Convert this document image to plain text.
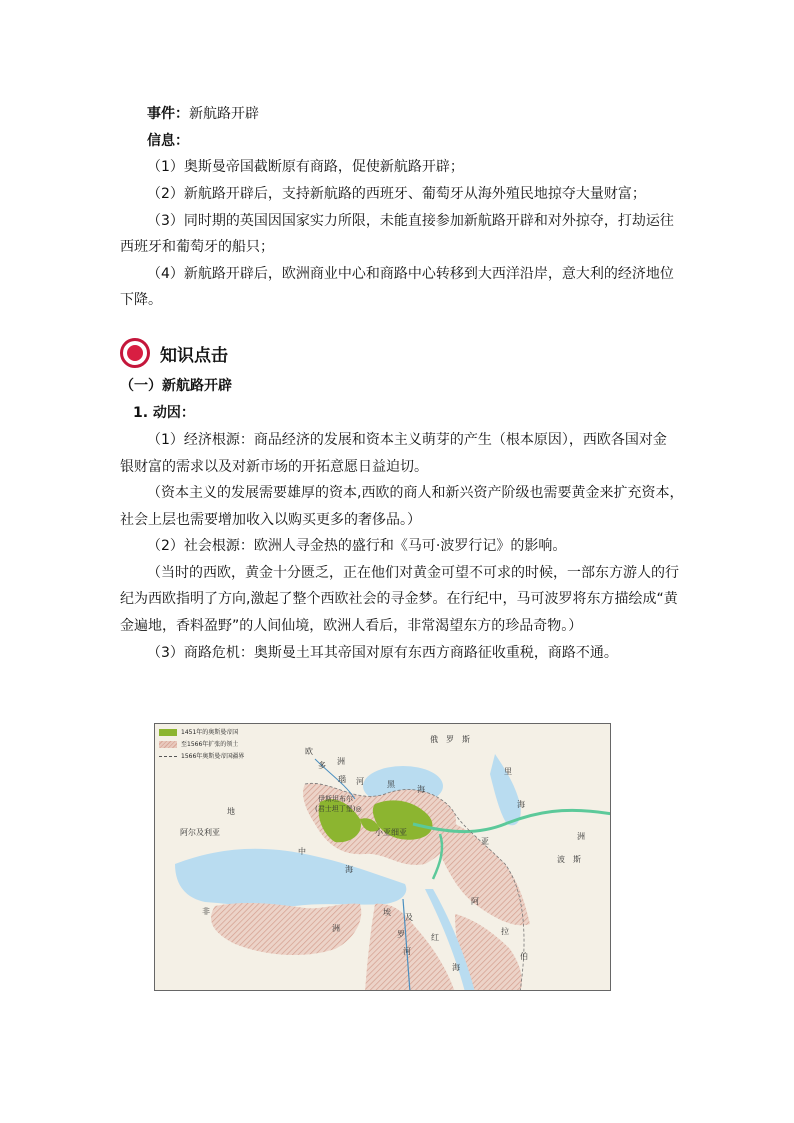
事件：新航路开辟
信息：
（1）奥斯曼帝国截断原有商路，促使新航路开辟；
（2）新航路开辟后，支持新航路的西班牙、葡萄牙从海外殖民地掠夺大量财富；
（3）同时期的英国因国家实力所限，未能直接参加新航路开辟和对外掠夺，打劫运往
西班牙和葡萄牙的船只；
（4）新航路开辟后，欧洲商业中心和商路中心转移到大西洋沿岸，意大利的经济地位
下降。
知识点击
（一）新航路开辟
1. 动因：
（1）经济根源：商品经济的发展和资本主义萌芽的产生（根本原因），西欧各国对金
银财富的需求以及对新市场的开拓意愿日益迫切。
（资本主义的发展需要雄厚的资本,西欧的商人和新兴资产阶级也需要黄金来扩充资本，
社会上层也需要增加收入以购买更多的奢侈品。）
（2）社会根源：欧洲人寻金热的盛行和《马可·波罗行记》的影响。
（当时的西欧，黄金十分匮乏，正在他们对黄金可望不可求的时候，一部东方游人的行
纪为西欧指明了方向,激起了整个西欧社会的寻金梦。在行纪中，马可波罗将东方描绘成“黄
金遍地，香料盈野”的人间仙境，欧洲人看后，非常渴望东方的珍品奇物。）
（3）商路危机：奥斯曼土耳其帝国对原有东西方商路征收重税，商路不通。
1451年的奥斯曼帝国
至1566年扩张的领土
1566年奥斯曼帝国疆界
俄　罗　斯
欧
洲
多
瑙 河	黑
海
里
海
伊斯坦布尔
(君士坦丁堡)◎
小亚细亚
亚
洲
波　斯
地
中
海
阿尔及利亚
非
洲
埃
及
罗
河
红
海
阿
拉
伯
